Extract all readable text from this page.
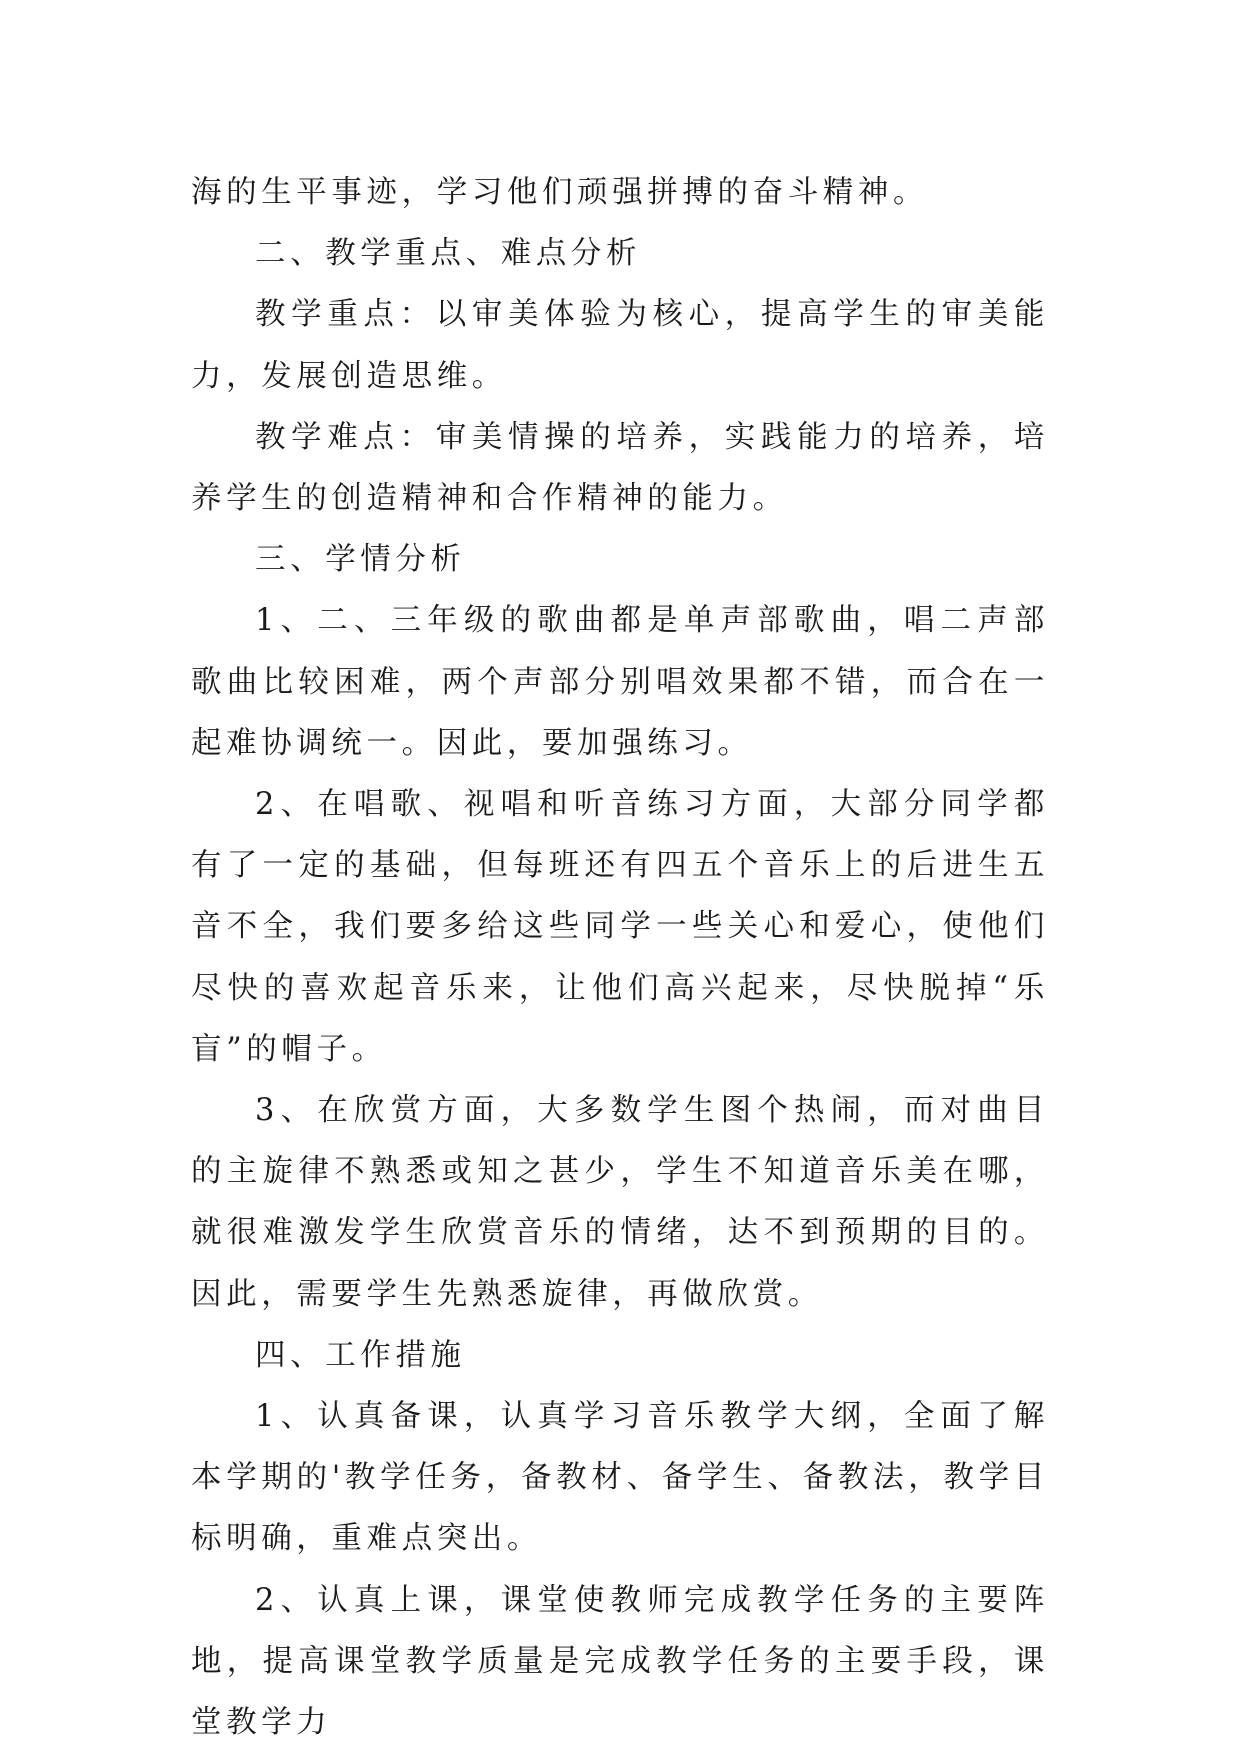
海的生平事迹，学习他们顽强拼搏的奋斗精神。

二、教学重点、难点分析

教学重点：以审美体验为核心，提高学生的审美能力，发展创造思维。

教学难点：审美情操的培养，实践能力的培养，培养学生的创造精神和合作精神的能力。

三、学情分析

1、二、三年级的歌曲都是单声部歌曲，唱二声部歌曲比较困难，两个声部分别唱效果都不错，而合在一起难协调统一。因此，要加强练习。

2、在唱歌、视唱和听音练习方面，大部分同学都有了一定的基础，但每班还有四五个音乐上的后进生五音不全，我们要多给这些同学一些关心和爱心，使他们尽快的喜欢起音乐来，让他们高兴起来，尽快脱掉“乐盲”的帽子。

3、在欣赏方面，大多数学生图个热闹，而对曲目的主旋律不熟悉或知之甚少，学生不知道音乐美在哪，就很难激发学生欣赏音乐的情绪，达不到预期的目的。因此，需要学生先熟悉旋律，再做欣赏。

四、工作措施

1、认真备课，认真学习音乐教学大纲，全面了解本学期的'教学任务，备教材、备学生、备教法，教学目标明确，重难点突出。

2、认真上课，课堂使教师完成教学任务的主要阵地，提高课堂教学质量是完成教学任务的主要手段，课堂教学力
